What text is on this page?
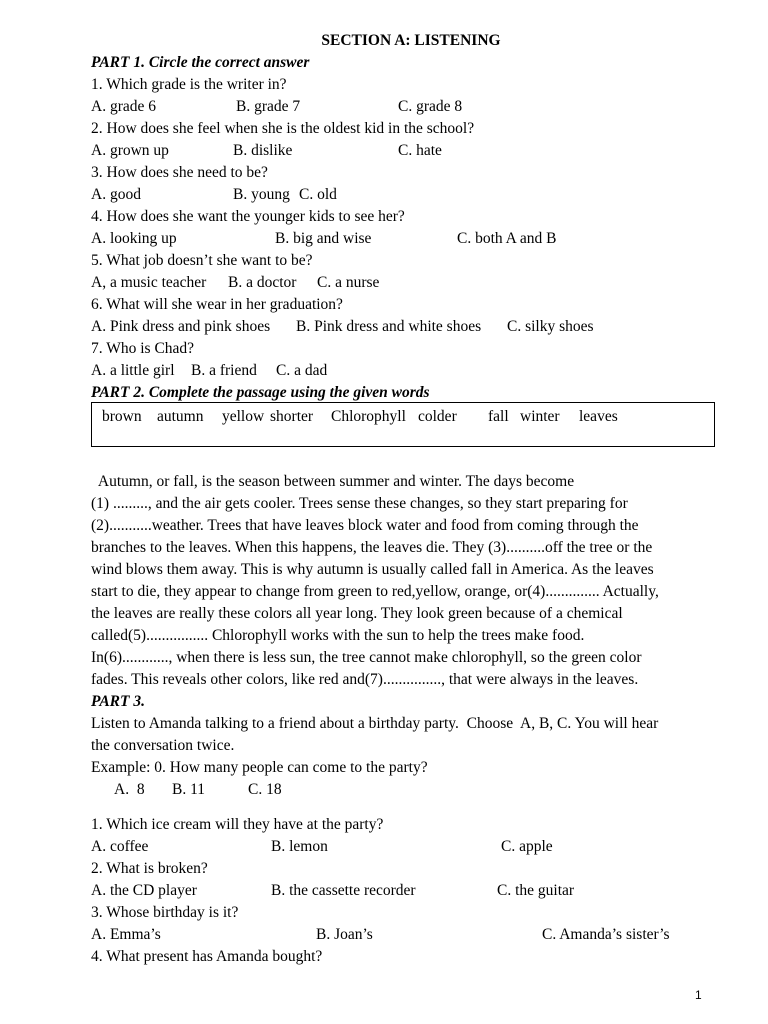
SECTION A: LISTENING
PART 1. Circle the correct answer
1. Which grade is the writer in?
A. grade 6	B. grade 7	C. grade 8
2. How does she feel when she is the oldest kid in the school?
A. grown up	B. dislike	C. hate
3. How does she need to be?
A. good	B. young C. old
4. How does she want the younger kids to see her?
A. looking up	B. big and wise	C. both A and B
5. What job doesn’t she want to be?
A, a music teacher B. a doctor C. a nurse
6. What will she wear in her graduation?
A. Pink dress and pink shoes B. Pink dress and white shoes C. silky shoes
7. Who is Chad?
A. a little girl B. a friend C. a dad
PART 2. Complete the passage using the given words
brown autumn yellow shorter Chlorophyll colder fall winter leaves
Autumn, or fall, is the season between summer and winter. The days become
(1) ........., and the air gets cooler. Trees sense these changes, so they start preparing for
(2)...........weather. Trees that have leaves block water and food from coming through the
branches to the leaves. When this happens, the leaves die. They (3)..........off the tree or the
wind blows them away. This is why autumn is usually called fall in America. As the leaves
start to die, they appear to change from green to red,yellow, orange, or(4).............. Actually,
the leaves are really these colors all year long. They look green because of a chemical
called(5)................ Chlorophyll works with the sun to help the trees make food.
In(6)............, when there is less sun, the tree cannot make chlorophyll, so the green color
fades. This reveals other colors, like red and(7)..............., that were always in the leaves.
PART 3.
Listen to Amanda talking to a friend about a birthday party.  Choose  A, B, C. You will hear
the conversation twice.
Example: 0. How many people can come to the party?
A.  8 B. 11	C. 18
1. Which ice cream will they have at the party?
A. coffee	B. lemon	C. apple
2. What is broken?
A. the CD player	B. the cassette recorder	C. the guitar
3. Whose birthday is it?
A. Emma’s	B. Joan’s	C. Amanda’s sister’s
4. What present has Amanda bought?
1
